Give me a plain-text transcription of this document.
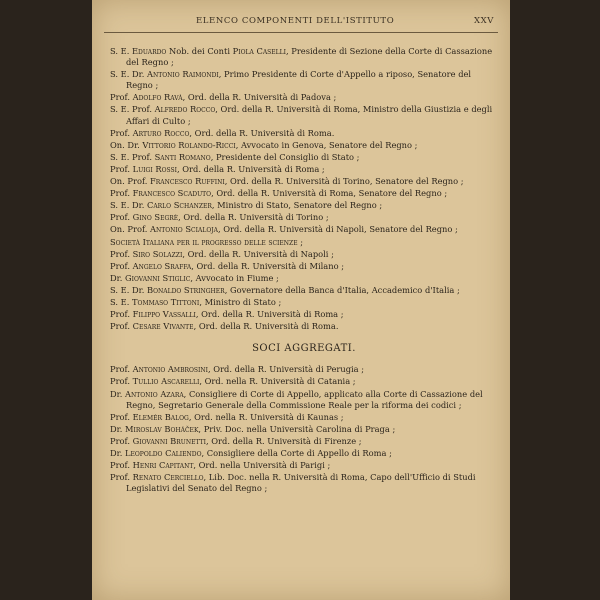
ELENCO COMPONENTI DELL'ISTITUTO	XXV

S. E. Eduardo Nob. dei Conti Piola Caselli, Presidente di Sezione della Corte di Cassazione del Regno ;

S. E. Dr. Antonio Raimondi, Primo Presidente di Corte d'Appello a riposo, Senatore del Regno ;

Prof. Adolfo Ravà, Ord. della R. Università di Padova ;

S. E. Prof. Alfredo Rocco, Ord. della R. Università di Roma, Ministro della Giustizia e degli Affari di Culto ;

Prof. Arturo Rocco, Ord. della R. Università di Roma.

On. Dr. Vittorio Rolando-Ricci, Avvocato in Genova, Senatore del Regno ;

S. E. Prof. Santi Romano, Presidente del Consiglio di Stato ;

Prof. Luigi Rossi, Ord. della R. Università di Roma ;

On. Prof. Francesco Ruffini, Ord. della R. Università di Torino, Senatore del Regno ;

Prof. Francesco Scaduto, Ord. della R. Università di Roma, Senatore del Regno ;

S. E. Dr. Carlo Schanzer, Ministro di Stato, Senatore del Regno ;

Prof. Gino Segrè, Ord. della R. Università di Torino ;

On. Prof. Antonio Scialoja, Ord. della R. Università di Napoli, Senatore del Regno ;

Società Italiana per il progresso delle scienze ;

Prof. Siro Solazzi, Ord. della R. Università di Napoli ;

Prof. Angelo Sraffa, Ord. della R. Università di Milano ;

Dr. Giovanni Stiglic, Avvocato in Fiume ;

S. E. Dr. Bonaldo Stringher, Governatore della Banca d'Italia, Accademico d'Italia ;

S. E. Tommaso Tittoni, Ministro di Stato ;

Prof. Filippo Vassalli, Ord. della R. Università di Roma ;

Prof. Cesare Vivante, Ord. della R. Università di Roma.

SOCI AGGREGATI.

Prof. Antonio Ambrosini, Ord. della R. Università di Perugia ;

Prof. Tullio Ascarelli, Ord. nella R. Università di Catania ;

Dr. Antonio Azara, Consigliere di Corte di Appello, applicato alla Corte di Cassazione del Regno, Segretario Generale della Commissione Reale per la riforma dei codici ;

Prof. Elemér Balog, Ord. nella R. Università di Kaunas ;

Dr. Miroslav Boháček, Priv. Doc. nella Università Carolina di Praga ;

Prof. Giovanni Brunetti, Ord. della R. Università di Firenze ;

Dr. Leopoldo Caliendo, Consigliere della Corte di Appello di Roma ;

Prof. Henri Capitant, Ord. nella Università di Parigi ;

Prof. Renato Cerciello, Lib. Doc. nella R. Università di Roma, Capo dell'Ufficio di Studi Legislativi del Senato del Regno ;
